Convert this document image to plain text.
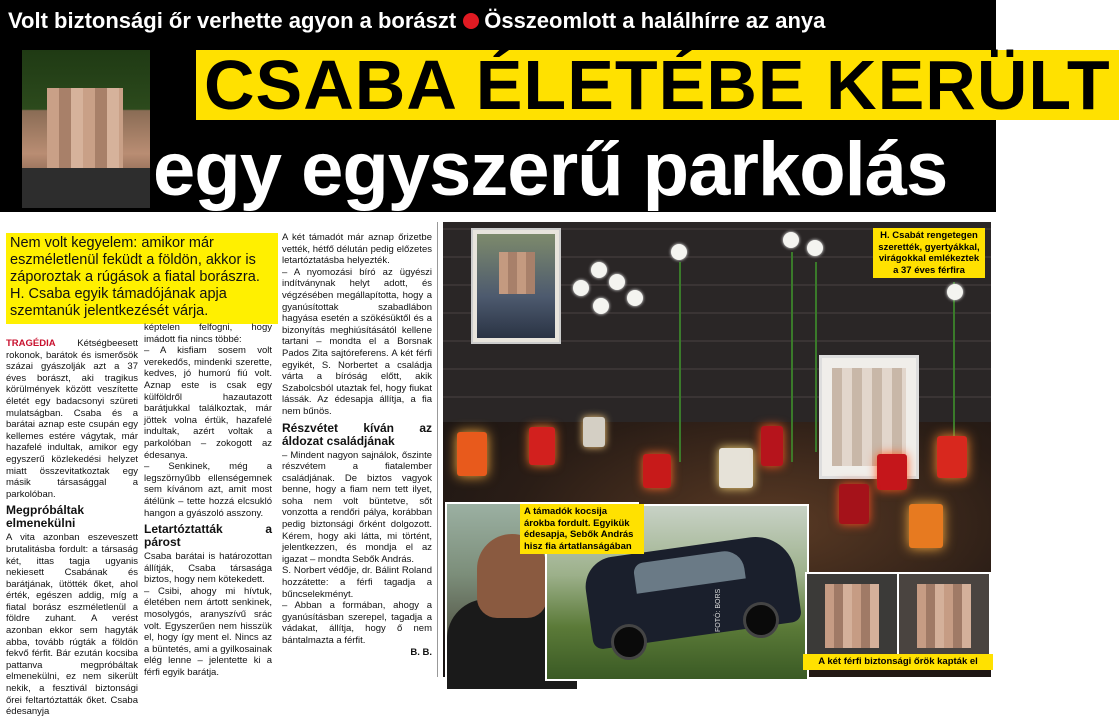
Volt biztonsági őr verhette agyon a borászt Összeomlott a halálhírre az anya
CSABA ÉLETÉBE KERÜLT
egy egyszerű parkolás
Nem volt kegyelem: amikor már eszméletlenül feküdt a földön, akkor is záporoztak a rúgások a fiatal borászra. H. Csaba egyik támadójának apja szemtanúk jelentkezését várja.

TRAGÉDIA Kétségbeesett rokonok, barátok és ismerősök százai gyászolják azt a 37 éves borászt, aki tragikus körülmények között veszítette életét egy badacsonyi szüreti mulatságban. Csaba és a barátai aznap este csupán egy kellemes estére vágytak, már hazafelé indultak, amikor egy egyszerű közlekedési helyzet miatt összevitatkoztak egy másik társasággal a parkolóban.

Megpróbáltak elmenekülni

A vita azonban eszeveszett brutalitásba fordult: a társaság két, ittas tagja ugyanis nekiesett Csabának és barátjának, ütötték őket, ahol érték, egészen addig, míg a fiatal borász eszméletlenül a földre zuhant. A verést azonban ekkor sem hagyták abba, tovább rúgták a földön fekvő férfit. Bár ezután kocsiba pattanva megpróbáltak elmenekülni, ez nem sikerült nekik, a fesztivál biztonsági őrei feltartóztatták őket. Csaba édesanyja

képtelen felfogni, hogy imádott fia nincs többé:

– A kisfiam sosem volt verekedős, mindenki szerette, kedves, jó humorú fiú volt. Aznap este is csak egy külföldről hazautazott barátjukkal találkoztak, már jöttek volna értük, hazafelé indultak, azért voltak a parkolóban – zokogott az édesanya.

– Senkinek, még a legszörnyűbb ellenségemnek sem kívánom azt, amit most átélünk – tette hozzá elcsukló hangon a gyászoló asszony.

Letartóztatták a párost

Csaba barátai is határozottan állítják, Csaba társasága biztos, hogy nem kötekedett.

– Csibi, ahogy mi hívtuk, életében nem ártott senkinek, mosolygós, aranyszívű srác volt. Egyszerűen nem hisszük el, hogy így ment el. Nincs az a büntetés, ami a gyilkosainak elég lenne – jelentette ki a férfi egyik barátja.

A két támadót már aznap őrizetbe vették, hétfő délután pedig előzetes letartóztatásba helyezték.

– A nyomozási bíró az ügyészi indítványnak helyt adott, és végzésében megállapította, hogy a gyanúsítottak szabadlábon hagyása esetén a szökésüktől és a bizonyítás meghiúsításától kellene tartani – mondta el a Borsnak Pados Zita sajtóreferens. A két férfi egyikét, S. Norbertet a családja várta a bíróság előtt, akik Szabolcsból utaztak fel, hogy fiukat lássák. Az édesapja állítja, a fia nem bűnös.

Részvétet kíván az áldozat családjának

– Mindent nagyon sajnálok, őszinte részvétem a fiatalember családjának. De biztos vagyok benne, hogy a fiam nem tett ilyet, soha nem volt büntetve, sőt vonzotta a rendőri pálya, korábban pedig biztonsági őrként dolgozott. Kérem, hogy aki látta, mi történt, jelentkezzen, és mondja el az igazat – mondta Sebők András.

S. Norbert védője, dr. Bálint Roland hozzátette: a férfi tagadja a bűncselekményt.

– Abban a formában, ahogy a gyanúsításban szerepel, tagadja a vádakat, állítja, hogy ő nem bántalmazta a férfit.

B. B.

H. Csabát rengetegen szerették, gyertyákkal, virágokkal emlékeztek a 37 éves férfira
A támadók kocsija árokba fordult. Egyikük édesapja, Sebők András hisz fia ártatlanságában
FOTÓ: BORS
A két férfi biztonsági őrök kapták el
